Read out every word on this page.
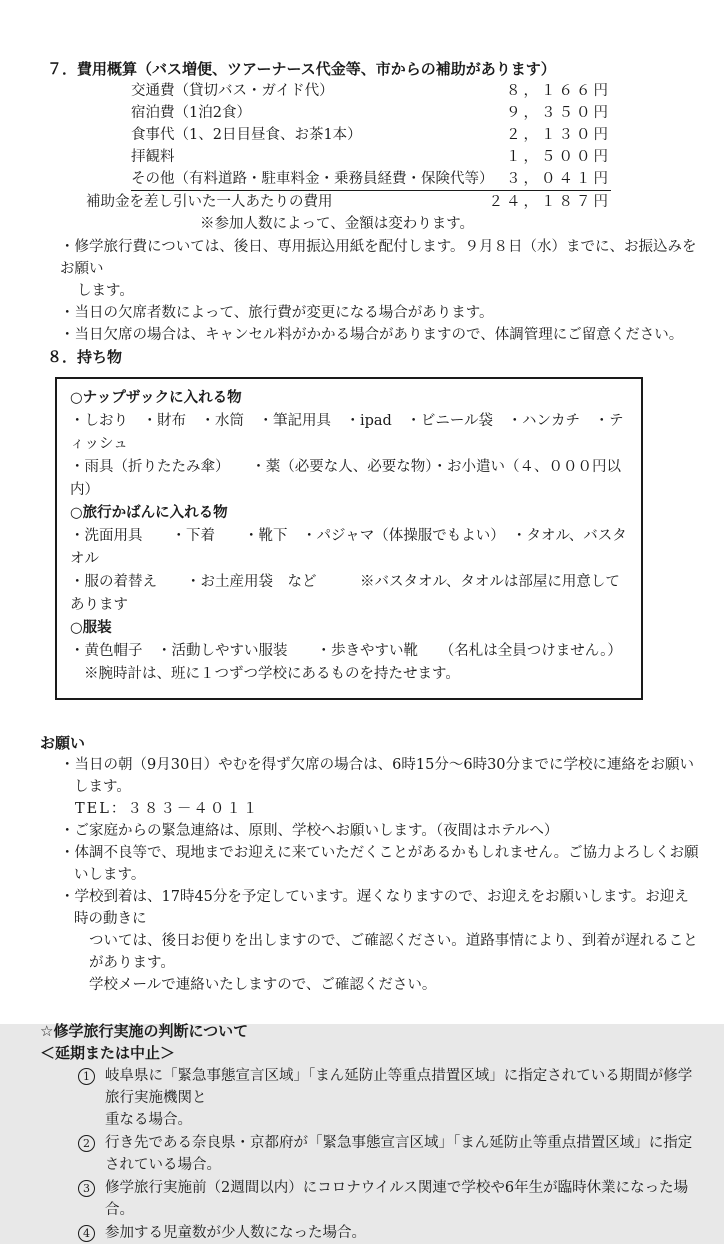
７．費用概算（バス増便、ツアーナース代金等、市からの補助があります）
交通費（貸切バス・ガイド代）	８，１６６円
宿泊費（1泊2食）	９，３５０円
食事代（1、2日目昼食、お茶1本）	２，１３０円
拝観料	１，５００円
その他（有料道路・駐車料金・乗務員経費・保険代等） ３，０４１円
補助金を差し引いた一人あたりの費用	２４，１８７円
※参加人数によって、金額は変わります。
・修学旅行費については、後日、専用振込用紙を配付します。９月８日（水）までに、お振込みをお願い
します。
・当日の欠席者数によって、旅行費が変更になる場合があります。
・当日欠席の場合は、キャンセル料がかかる場合がありますので、体調管理にご留意ください。
８．持ち物
○ナップザックに入れる物
・しおり　・財布　・水筒　・筆記用具　・ipad　・ビニール袋　・ハンカチ　・ティッシュ
・雨具（折りたたみ傘）　　・薬（必要な人、必要な物）・お小遣い（４、０００円以内）
○旅行かばんに入れる物
・洗面用具　　・下着　　・靴下　・パジャマ（体操服でもよい）　・タオル、バスタオル
・服の着替え　　・お土産用袋　など　　　※バスタオル、タオルは部屋に用意してあります
○服装
・黄色帽子　・活動しやすい服装　　・歩きやすい靴　　（名札は全員つけません。）
※腕時計は、班に１つずつ学校にあるものを持たせます。
お願い
・当日の朝（9月30日）やむを得ず欠席の場合は、6時15分～6時30分までに学校に連絡をお願いします。
TEL：３８３－４０１１
・ご家庭からの緊急連絡は、原則、学校へお願いします。（夜間はホテルへ）
・体調不良等で、現地までお迎えに来ていただくことがあるかもしれません。ご協力よろしくお願いします。
・学校到着は、17時45分を予定しています。遅くなりますので、お迎えをお願いします。お迎え時の動きに
ついては、後日お便りを出しますので、ご確認ください。道路事情により、到着が遅れることがあります。
学校メールで連絡いたしますので、ご確認ください。
☆修学旅行実施の判断について
＜延期または中止＞
1	岐阜県に「緊急事態宣言区域」「まん延防止等重点措置区域」に指定されている期間が修学旅行実施機関と
重なる場合。
2	行き先である奈良県・京都府が「緊急事態宣言区域」「まん延防止等重点措置区域」に指定されている場合。
3	修学旅行実施前（2週間以内）にコロナウイルス関連で学校や6年生が臨時休業になった場合。
4	参加する児童数が少人数になった場合。
